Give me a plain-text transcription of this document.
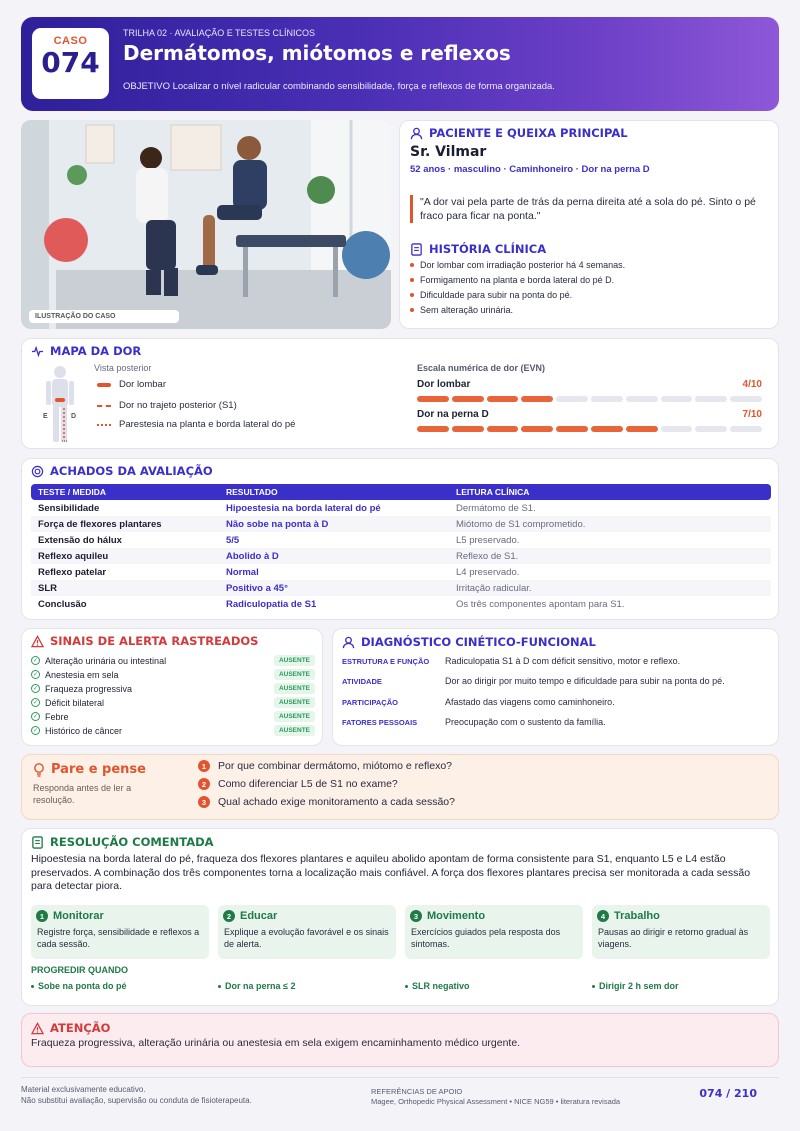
CASO
074
TRILHA 02 · AVALIAÇÃO E TESTES CLÍNICOS
Dermátomos, miótomos e reflexos
OBJETIVO Localizar o nível radicular combinando sensibilidade, força e reflexos de forma organizada.
ILUSTRAÇÃO DO CASO
PACIENTE E QUEIXA PRINCIPAL
Sr. Vilmar
52 anos · masculino · Caminhoneiro · Dor na perna D
"A dor vai pela parte de trás da perna direita até a sola do pé. Sinto o pé fraco para ficar na ponta."
HISTÓRIA CLÍNICA
Dor lombar com irradiação posterior há 4 semanas.
Formigamento na planta e borda lateral do pé D.
Dificuldade para subir na ponta do pé.
Sem alteração urinária.
MAPA DA DOR
Vista posterior
E	D
Dor lombar
Dor no trajeto posterior (S1)
Parestesia na planta e borda lateral do pé
Escala numérica de dor (EVN)
Dor lombar	4/10
Dor na perna D	7/10
ACHADOS DA AVALIAÇÃO
TESTE / MEDIDA	RESULTADO	LEITURA CLÍNICA
Sensibilidade	Hipoestesia na borda lateral do pé	Dermátomo de S1.
Força de flexores plantares	Não sobe na ponta à D	Miótomo de S1 comprometido.
Extensão do hálux	5/5	L5 preservado.
Reflexo aquileu	Abolido à D	Reflexo de S1.
Reflexo patelar	Normal	L4 preservado.
SLR	Positivo a 45°	Irritação radicular.
Conclusão	Radiculopatia de S1	Os três componentes apontam para S1.
SINAIS DE ALERTA RASTREADOS
✓ Alteração urinária ou intestinal	AUSENTE
✓ Anestesia em sela	AUSENTE
✓ Fraqueza progressiva	AUSENTE
✓ Déficit bilateral	AUSENTE
✓ Febre	AUSENTE
✓ Histórico de câncer	AUSENTE
DIAGNÓSTICO CINÉTICO-FUNCIONAL
ESTRUTURA E FUNÇÃO	Radiculopatia S1 à D com déficit sensitivo, motor e reflexo.
ATIVIDADE	Dor ao dirigir por muito tempo e dificuldade para subir na ponta do pé.
PARTICIPAÇÃO	Afastado das viagens como caminhoneiro.
FATORES PESSOAIS	Preocupação com o sustento da família.
Pare e pense
Responda antes de ler a resolução.
1	Por que combinar dermátomo, miótomo e reflexo?
2	Como diferenciar L5 de S1 no exame?
3	Qual achado exige monitoramento a cada sessão?
RESOLUÇÃO COMENTADA
Hipoestesia na borda lateral do pé, fraqueza dos flexores plantares e aquileu abolido apontam de forma consistente para S1, enquanto L5 e L4 estão preservados. A combinação dos três componentes torna a localização mais confiável. A força dos flexores plantares precisa ser monitorada a cada sessão para detectar piora.
1 Monitorar
Registre força, sensibilidade e reflexos a cada sessão.
2 Educar
Explique a evolução favorável e os sinais de alerta.
3 Movimento
Exercícios guiados pela resposta dos sintomas.
4 Trabalho
Pausas ao dirigir e retorno gradual às viagens.
PROGREDIR QUANDO
Sobe na ponta do pé	Dor na perna ≤ 2	SLR negativo	Dirigir 2 h sem dor
ATENÇÃO
Fraqueza progressiva, alteração urinária ou anestesia em sela exigem encaminhamento médico urgente.
Material exclusivamente educativo.
Não substitui avaliação, supervisão ou conduta de fisioterapeuta.
REFERÊNCIAS DE APOIO
Magee, Orthopedic Physical Assessment • NICE NG59 • literatura revisada
074 / 210
